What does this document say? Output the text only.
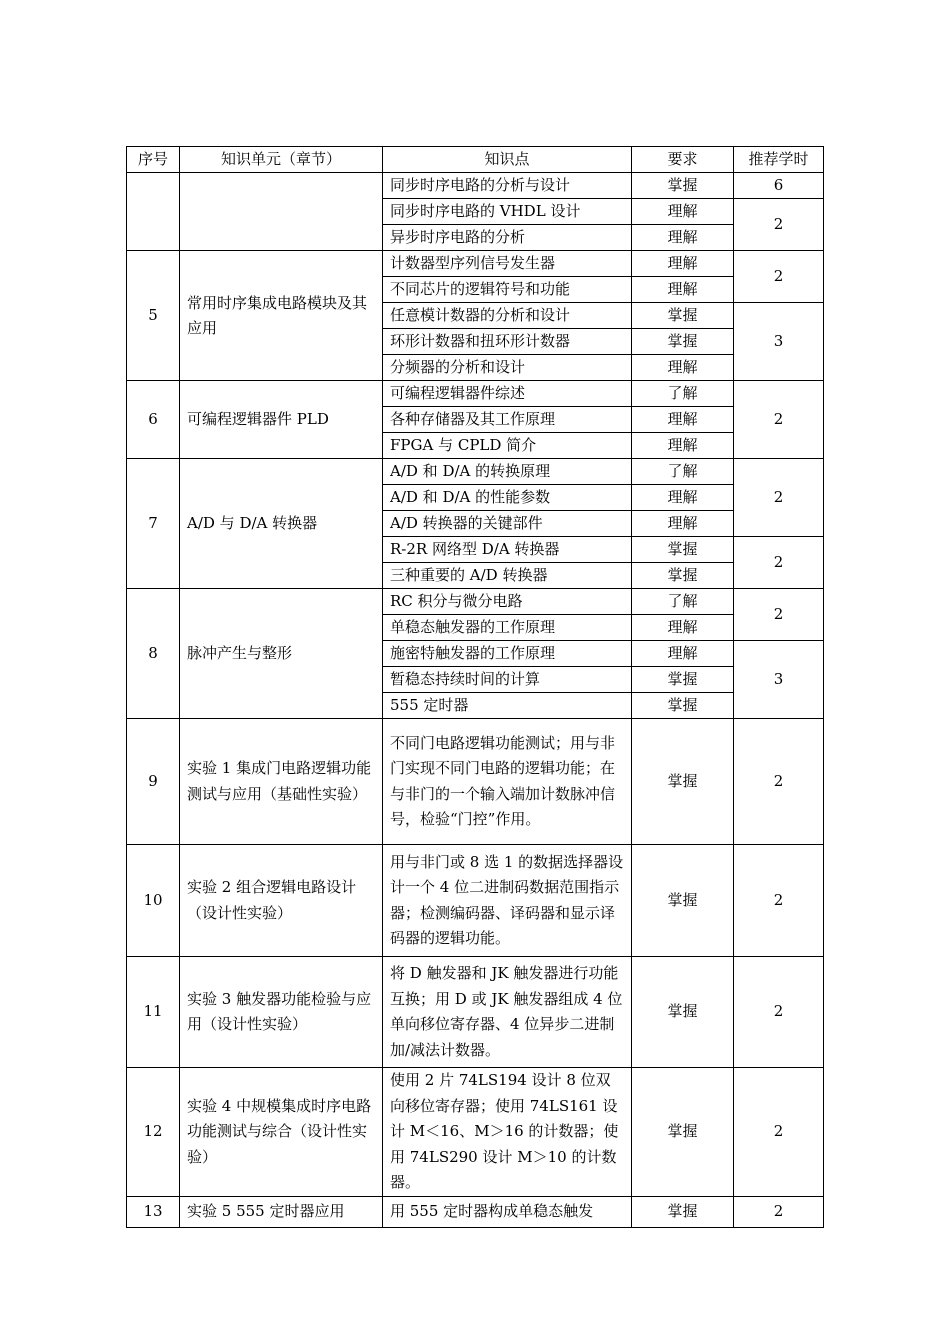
序号	知识单元（章节）	知识点	要求	推荐学时
		同步时序电路的分析与设计	掌握	6
		同步时序电路的 VHDL 设计	理解	2
		异步时序电路的分析	理解	
5	常用时序集成电路模块及其应用	计数器型序列信号发生器	理解	2
		不同芯片的逻辑符号和功能	理解	
		任意模计数器的分析和设计	掌握	3
		环形计数器和扭环形计数器	掌握	
		分频器的分析和设计	理解	
6	可编程逻辑器件 PLD	可编程逻辑器件综述	了解	2
		各种存储器及其工作原理	理解	
		FPGA 与 CPLD 简介	理解	
7	A/D 与 D/A 转换器	A/D 和 D/A 的转换原理	了解	2
		A/D 和 D/A 的性能参数	理解	
		A/D 转换器的关键部件	理解	
		R-2R 网络型 D/A 转换器	掌握	2
		三种重要的 A/D 转换器	掌握	
8	脉冲产生与整形	RC 积分与微分电路	了解	2
		单稳态触发器的工作原理	理解	
		施密特触发器的工作原理	理解	3
		暂稳态持续时间的计算	掌握	
		555 定时器	掌握	
9	实验 1 集成门电路逻辑功能测试与应用（基础性实验）	不同门电路逻辑功能测试；用与非门实现不同门电路的逻辑功能；在与非门的一个输入端加计数脉冲信号，检验“门控”作用。	掌握	2
10	实验 2 组合逻辑电路设计（设计性实验）	用与非门或 8 选 1 的数据选择器设计一个 4 位二进制码数据范围指示器；检测编码器、译码器和显示译码器的逻辑功能。	掌握	2
11	实验 3 触发器功能检验与应用（设计性实验）	将 D 触发器和 JK 触发器进行功能互换；用 D 或 JK 触发器组成 4 位单向移位寄存器、4 位异步二进制加/减法计数器。	掌握	2
12	实验 4 中规模集成时序电路功能测试与综合（设计性实验）	使用 2 片 74LS194 设计 8 位双向移位寄存器；使用 74LS161 设计 M＜16、M＞16 的计数器；使用 74LS290 设计 M＞10 的计数器。	掌握	2
13	实验 5 555 定时器应用	用 555 定时器构成单稳态触发	掌握	2
